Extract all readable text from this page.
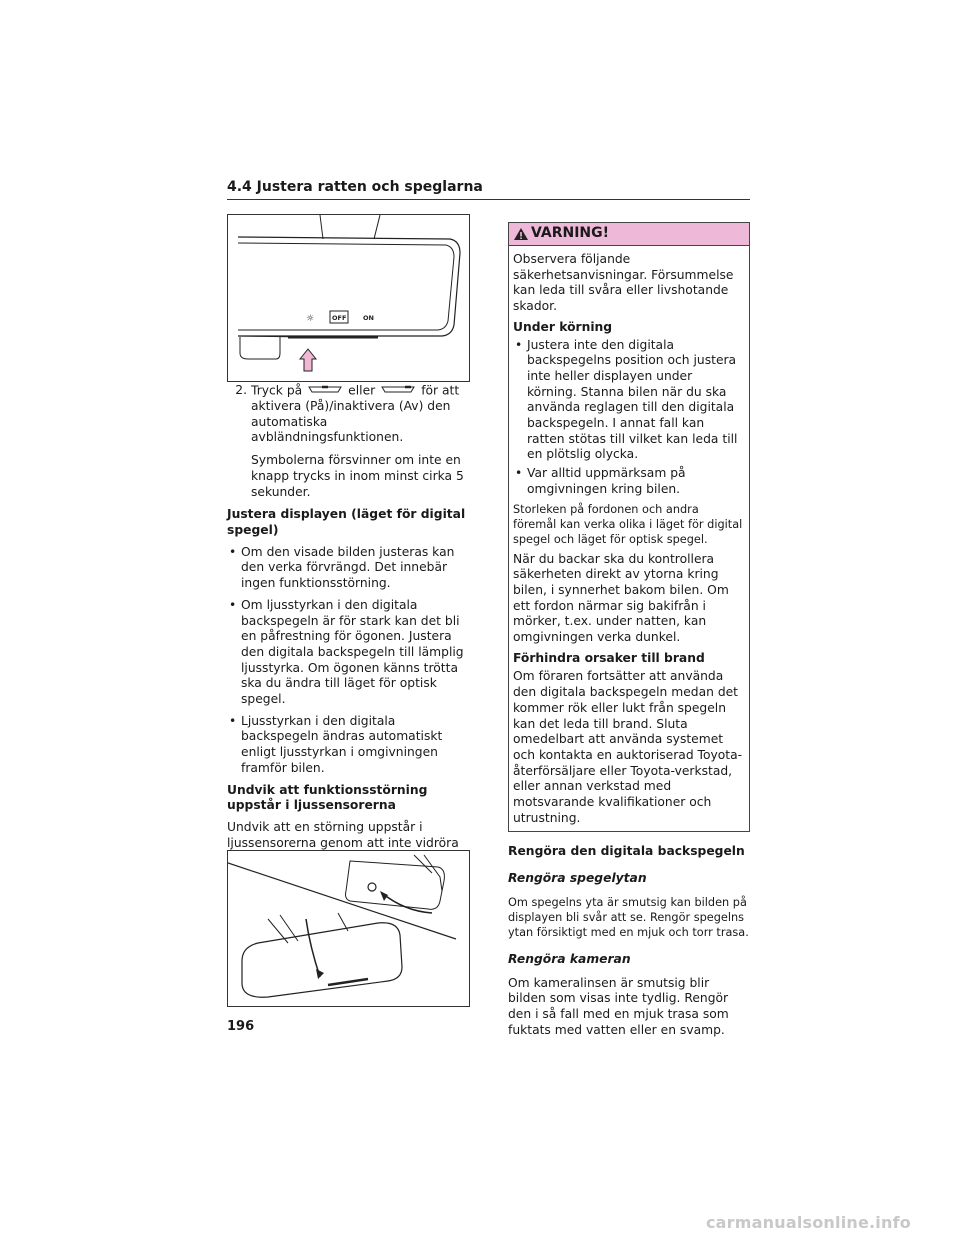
4.4 Justera ratten och speglarna
☼	OFF	ON
2. Tryck på	eller	för att aktivera (På)/inaktivera (Av) den automatiska avbländningsfunktionen.

Symbolerna försvinner om inte en knapp trycks in inom minst cirka 5 sekunder.

Justera displayen (läget för digital spegel)

• Om den visade bilden justeras kan den verka förvrängd. Det innebär ingen funktionsstörning.
• Om ljusstyrkan i den digitala backspegeln är för stark kan det bli en påfrestning för ögonen. Justera den digitala backspegeln till lämplig ljusstyrka. Om ögonen känns trötta ska du ändra till läget för optisk spegel.
• Ljusstyrkan i den digitala backspegeln ändras automatiskt enligt ljusstyrkan i omgivningen framför bilen.

Undvik att funktionsstörning uppstår i ljussensorerna

Undvik att en störning uppstår i ljussensorerna genom att inte vidröra

VARNING!

Observera följande säkerhetsanvisningar. Försummelse kan leda till svåra eller livshotande skador.

Under körning

• Justera inte den digitala backspegelns position och justera inte heller displayen under körning. Stanna bilen när du ska använda reglagen till den digitala backspegeln. I annat fall kan ratten stötas till vilket kan leda till en plötslig olycka.
• Var alltid uppmärksam på omgivningen kring bilen.

Storleken på fordonen och andra föremål kan verka olika i läget för digital spegel och läget för optisk spegel.

När du backar ska du kontrollera säkerheten direkt av ytorna kring bilen, i synnerhet bakom bilen. Om ett fordon närmar sig bakifrån i mörker, t.ex. under natten, kan omgivningen verka dunkel.

Förhindra orsaker till brand

Om föraren fortsätter att använda den digitala backspegeln medan det kommer rök eller lukt från spegeln kan det leda till brand. Sluta omedelbart att använda systemet och kontakta en auktoriserad Toyota-återförsäljare eller Toyota-verkstad, eller annan verkstad med motsvarande kvalifikationer och utrustning.

Rengöra den digitala backspegeln

Rengöra spegelytan

Om spegelns yta är smutsig kan bilden på displayen bli svår att se. Rengör spegelns ytan försiktigt med en mjuk och torr trasa.

Rengöra kameran

Om kameralinsen är smutsig blir bilden som visas inte tydlig. Rengör den i så fall med en mjuk trasa som fuktats med vatten eller en svamp.

196
carmanualsonline.info
